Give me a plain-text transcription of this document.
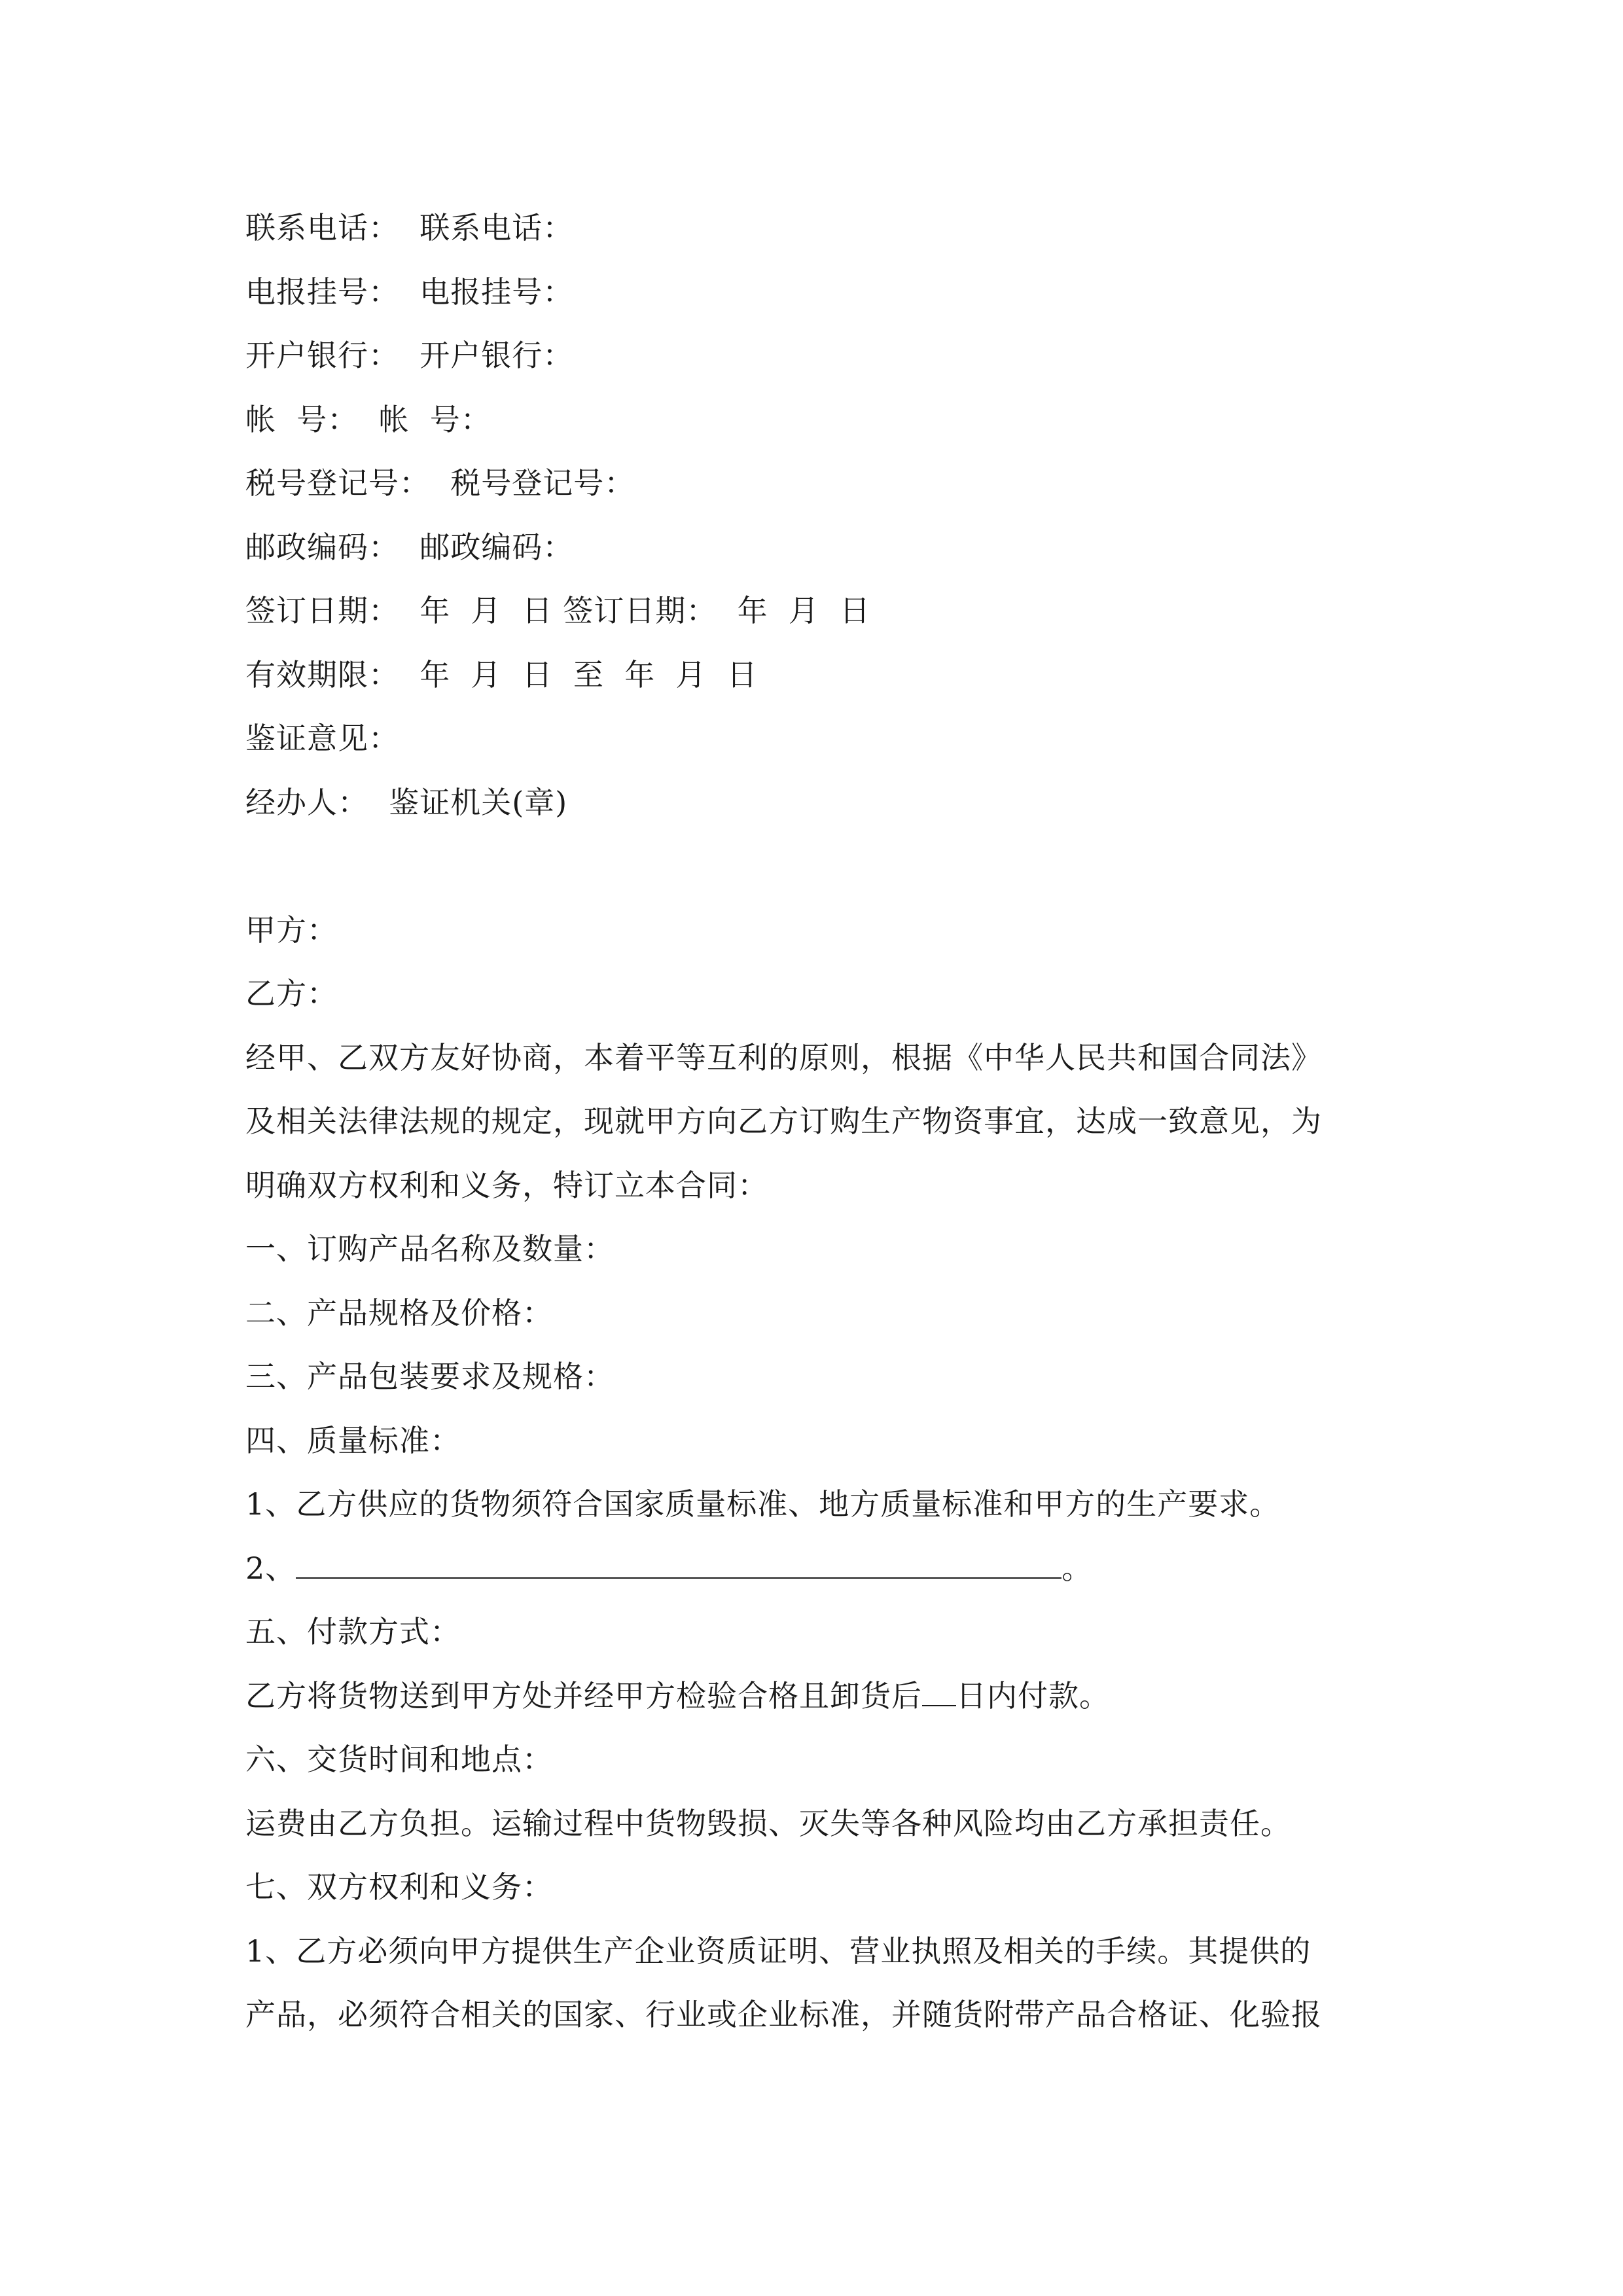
联系电话：  联系电话：
电报挂号：  电报挂号：
开户银行：  开户银行：
帐  号：  帐  号：
税号登记号：  税号登记号：
邮政编码：  邮政编码：
签订日期：  年  月  日 签订日期：  年  月  日
有效期限：  年  月  日  至  年  月  日
鉴证意见：
经办人：  鉴证机关(章)
甲方：
乙方：
经甲、乙双方友好协商，本着平等互利的原则，根据《中华人民共和国合同法》
及相关法律法规的规定，现就甲方向乙方订购生产物资事宜，达成一致意见，为
明确双方权利和义务，特订立本合同：
一、订购产品名称及数量：
二、产品规格及价格：
三、产品包装要求及规格：
四、质量标准：
1、乙方供应的货物须符合国家质量标准、地方质量标准和甲方的生产要求。
2、	。
五、付款方式：
乙方将货物送到甲方处并经甲方检验合格且卸货后 日内付款。
六、交货时间和地点：
运费由乙方负担。运输过程中货物毁损、灭失等各种风险均由乙方承担责任。
七、双方权利和义务：
1、乙方必须向甲方提供生产企业资质证明、营业执照及相关的手续。其提供的
产品，必须符合相关的国家、行业或企业标准，并随货附带产品合格证、化验报
